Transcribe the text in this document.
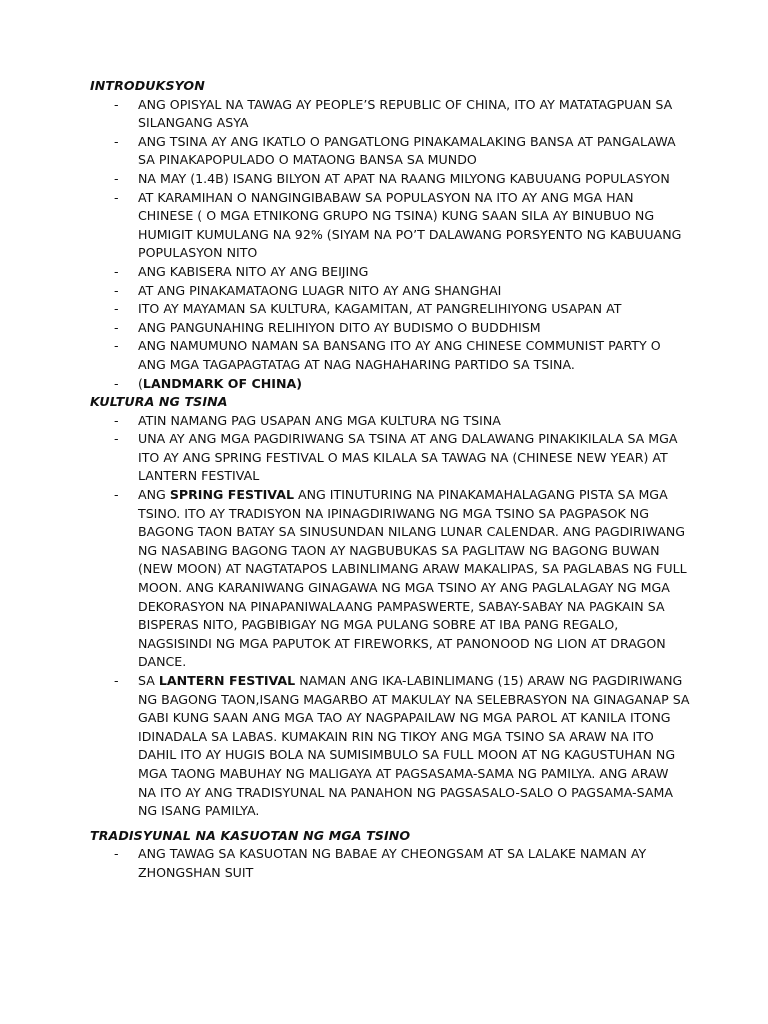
INTRODUKSYON
- ANG OPISYAL NA TAWAG AY PEOPLE’S REPUBLIC OF CHINA, ITO AY MATATAGPUAN SA SILANGANG ASYA
- ANG TSINA AY ANG IKATLO O PANGATLONG PINAKAMALAKING BANSA AT PANGALAWA SA PINAKAPOPULADO O MATAONG BANSA SA MUNDO
- NA MAY (1.4B) ISANG BILYON AT APAT NA RAANG MILYONG KABUUANG POPULASYON
- AT KARAMIHAN O NANGINGIBABAW SA POPULASYON NA ITO AY ANG MGA HAN CHINESE ( O MGA ETNIKONG GRUPO NG TSINA) KUNG SAAN SILA AY BINUBUO NG HUMIGIT KUMULANG NA 92% (SIYAM NA PO’T DALAWANG PORSYENTO NG KABUUANG POPULASYON NITO
- ANG KABISERA NITO AY ANG BEIJING
- AT ANG PINAKAMATAONG LUAGR NITO AY ANG SHANGHAI
- ITO AY MAYAMAN SA KULTURA, KAGAMITAN, AT PANGRELIHIYONG USAPAN AT
- ANG PANGUNAHING RELIHIYON DITO AY BUDISMO O BUDDHISM
- ANG NAMUMUNO NAMAN SA BANSANG ITO AY ANG CHINESE COMMUNIST PARTY O ANG MGA TAGAPAGTATAG AT NAG NAGHAHARING PARTIDO SA TSINA.
- (LANDMARK OF CHINA)
KULTURA NG TSINA
- ATIN NAMANG PAG USAPAN ANG MGA KULTURA NG TSINA
- UNA AY ANG MGA PAGDIRIWANG SA TSINA AT ANG DALAWANG PINAKIKILALA SA MGA ITO AY ANG SPRING FESTIVAL O MAS KILALA SA TAWAG NA (CHINESE NEW YEAR) AT LANTERN FESTIVAL
- ANG SPRING FESTIVAL ANG ITINUTURING NA PINAKAMAHALAGANG PISTA SA MGA TSINO. ITO AY TRADISYON NA IPINAGDIRIWANG NG MGA TSINO SA PAGPASOK NG BAGONG TAON BATAY SA SINUSUNDAN NILANG LUNAR CALENDAR. ANG PAGDIRIWANG NG NASABING BAGONG TAON AY NAGBUBUKAS SA PAGLITAW NG BAGONG BUWAN (NEW MOON) AT NAGTATAPOS LABINLIMANG ARAW MAKALIPAS, SA PAGLABAS NG FULL MOON. ANG KARANIWANG GINAGAWA NG MGA TSINO AY ANG PAGLALAGAY NG MGA DEKORASYON NA PINAPANIWALAANG PAMPASWERTE, SABAY-SABAY NA PAGKAIN SA BISPERAS NITO, PAGBIBIGAY NG MGA PULANG SOBRE AT IBA PANG REGALO, NAGSISINDI NG MGA PAPUTOK AT FIREWORKS, AT PANONOOD NG LION AT DRAGON DANCE.
- SA LANTERN FESTIVAL NAMAN ANG IKA-LABINLIMANG (15) ARAW NG PAGDIRIWANG NG BAGONG TAON,ISANG MAGARBO AT MAKULAY NA SELEBRASYON NA GINAGANAP SA GABI KUNG SAAN ANG MGA TAO AY NAGPAPAILAW NG MGA PAROL AT KANILA ITONG IDINADALA SA LABAS. KUMAKAIN RIN NG TIKOY ANG MGA TSINO SA ARAW NA ITO DAHIL ITO AY HUGIS BOLA NA SUMISIMBULO SA FULL MOON AT NG KAGUSTUHAN NG MGA TAONG MABUHAY NG MALIGAYA AT PAGSASAMA-SAMA NG PAMILYA. ANG ARAW NA ITO AY ANG TRADISYUNAL NA PANAHON NG PAGSASALO-SALO O PAGSAMA-SAMA NG ISANG PAMILYA.
TRADISYUNAL NA KASUOTAN NG MGA TSINO
- ANG TAWAG SA KASUOTAN NG BABAE AY CHEONGSAM AT SA LALAKE NAMAN AY ZHONGSHAN SUIT
